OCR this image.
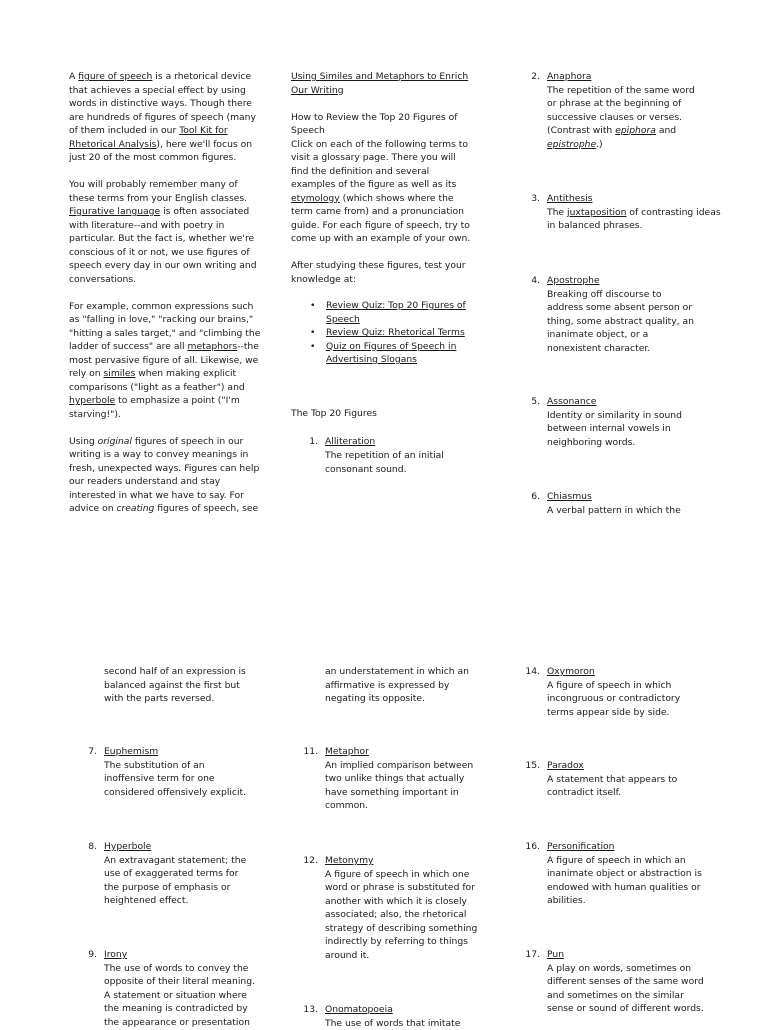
A figure of speech is a rhetorical device that achieves a special effect by using words in distinctive ways. Though there are hundreds of figures of speech (many of them included in our Tool Kit for Rhetorical Analysis), here we'll focus on just 20 of the most common figures.

You will probably remember many of these terms from your English classes. Figurative language is often associated with literature--and with poetry in particular. But the fact is, whether we're conscious of it or not, we use figures of speech every day in our own writing and conversations.

For example, common expressions such as "falling in love," "racking our brains," "hitting a sales target," and "climbing the ladder of success" are all metaphors--the most pervasive figure of all. Likewise, we rely on similes when making explicit comparisons ("light as a feather") and hyperbole to emphasize a point ("I'm starving!").

Using original figures of speech in our writing is a way to convey meanings in fresh, unexpected ways. Figures can help our readers understand and stay interested in what we have to say. For advice on creating figures of speech, see

Using Similes and Metaphors to Enrich Our Writing

How to Review the Top 20 Figures of Speech

Click on each of the following terms to visit a glossary page. There you will find the definition and several examples of the figure as well as its etymology (which shows where the term came from) and a pronunciation guide. For each figure of speech, try to come up with an example of your own.

After studying these figures, test your knowledge at:

• Review Quiz: Top 20 Figures of Speech
• Review Quiz: Rhetorical Terms
• Quiz on Figures of Speech in Advertising Slogans
The Top 20 Figures
1. Alliteration
The repetition of an initial consonant sound.
2. Anaphora
The repetition of the same word or phrase at the beginning of successive clauses or verses. (Contrast with epiphora and epistrophe.)
3. Antithesis
The juxtaposition of contrasting ideas in balanced phrases.
4. Apostrophe
Breaking off discourse to address some absent person or thing, some abstract quality, an inanimate object, or a nonexistent character.
5. Assonance
Identity or similarity in sound between internal vowels in neighboring words.
6. Chiasmus
A verbal pattern in which the
second half of an expression is balanced against the first but with the parts reversed.
7. Euphemism
The substitution of an inoffensive term for one considered offensively explicit.
8. Hyperbole
An extravagant statement; the use of exaggerated terms for the purpose of emphasis or heightened effect.
9. Irony
The use of words to convey the opposite of their literal meaning. A statement or situation where the meaning is contradicted by the appearance or presentation
an understatement in which an affirmative is expressed by negating its opposite.
11. Metaphor
An implied comparison between two unlike things that actually have something important in common.
12. Metonymy
A figure of speech in which one word or phrase is substituted for another with which it is closely associated; also, the rhetorical strategy of describing something indirectly by referring to things around it.
13. Onomatopoeia
The use of words that imitate
14. Oxymoron
A figure of speech in which incongruous or contradictory terms appear side by side.
15. Paradox
A statement that appears to contradict itself.
16. Personification
A figure of speech in which an inanimate object or abstraction is endowed with human qualities or abilities.
17. Pun
A play on words, sometimes on different senses of the same word and sometimes on the similar sense or sound of different words.
